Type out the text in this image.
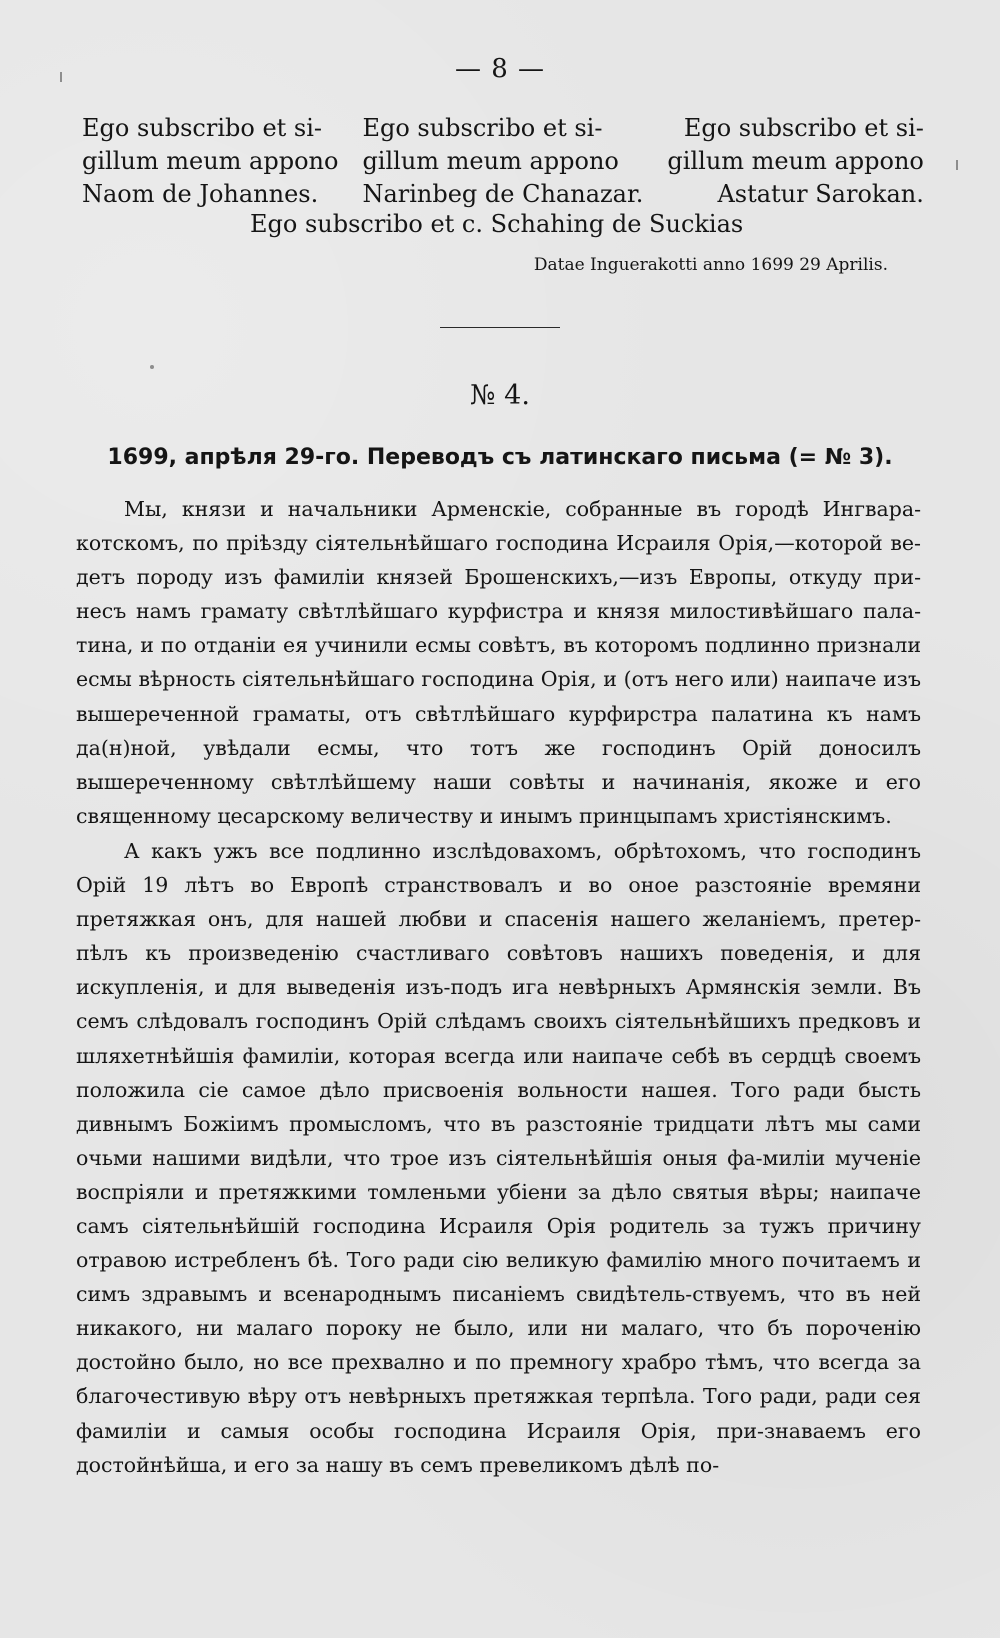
— 8 —
Ego subscribo et si-
gillum meum appono
Naom de Johannes.
Ego subscribo et si-
gillum meum appono
Narinbeg de Chanazar.
Ego subscribo et si-
gillum meum appono
Astatur Sarokan.
Ego subscribo et c. Schahing de Suckias
Datae Inguerakotti anno 1699 29 Aprilis.
№ 4.
1699, апрѣля 29-го. Переводъ съ латинскаго письма (= № 3).

Мы, князи и начальники Арменскіе, собранные въ городѣ Ингвара-котскомъ, по пріѣзду сіятельнѣйшаго господина Исраиля Орія,—которой ве-детъ породу изъ фамиліи князей Брошенскихъ,—изъ Европы, откуду при-несъ намъ грамату свѣтлѣйшаго курфистра и князя милостивѣйшаго пала-тина, и по отданіи ея учинили есмы совѣтъ, въ которомъ подлинно признали есмы вѣрность сіятельнѣйшаго господина Орія, и (отъ него или) наипаче изъ вышереченной граматы, отъ свѣтлѣйшаго курфирстра палатина къ намъ да(н)ной, увѣдали есмы, что тотъ же господинъ Орій доносилъ вышереченному свѣтлѣйшему наши совѣты и начинанія, якоже и его священному цесарскому величеству и инымъ принцыпамъ христіянскимъ.

А какъ ужъ все подлинно изслѣдовахомъ, обрѣтохомъ, что господинъ Орій 19 лѣтъ во Европѣ странствовалъ и во оное разстояніе времяни претяжкая онъ, для нашей любви и спасенія нашего желаніемъ, претер-пѣлъ къ произведенію счастливаго совѣтовъ нашихъ поведенія, и для искупленія, и для выведенія изъ-подъ ига невѣрныхъ Армянскія земли. Въ семъ слѣдовалъ господинъ Орій слѣдамъ своихъ сіятельнѣйшихъ предковъ и шляхетнѣйшія фамиліи, которая всегда или наипаче себѣ въ сердцѣ своемъ положила сіе самое дѣло присвоенія вольности нашея. Того ради бысть дивнымъ Божіимъ промысломъ, что въ разстояніе тридцати лѣтъ мы сами очьми нашими видѣли, что трое изъ сіятельнѣйшія оныя фа-миліи мученіе воспріяли и претяжкими томленьми убіени за дѣло святыя вѣры; наипаче самъ сіятельнѣйшій господина Исраиля Орія родитель за тужъ причину отравою истребленъ бѣ. Того ради сію великую фамилію много почитаемъ и симъ здравымъ и всенароднымъ писаніемъ свидѣтель-ствуемъ, что въ ней никакого, ни малаго пороку не было, или ни малаго, что бъ пороченію достойно было, но все прехвално и по премногу храбро тѣмъ, что всегда за благочестивую вѣру отъ невѣрныхъ претяжкая терпѣла. Того ради, ради сея фамиліи и самыя особы господина Исраиля Орія, при-знаваемъ его достойнѣйша, и его за нашу въ семъ превеликомъ дѣлѣ по-
